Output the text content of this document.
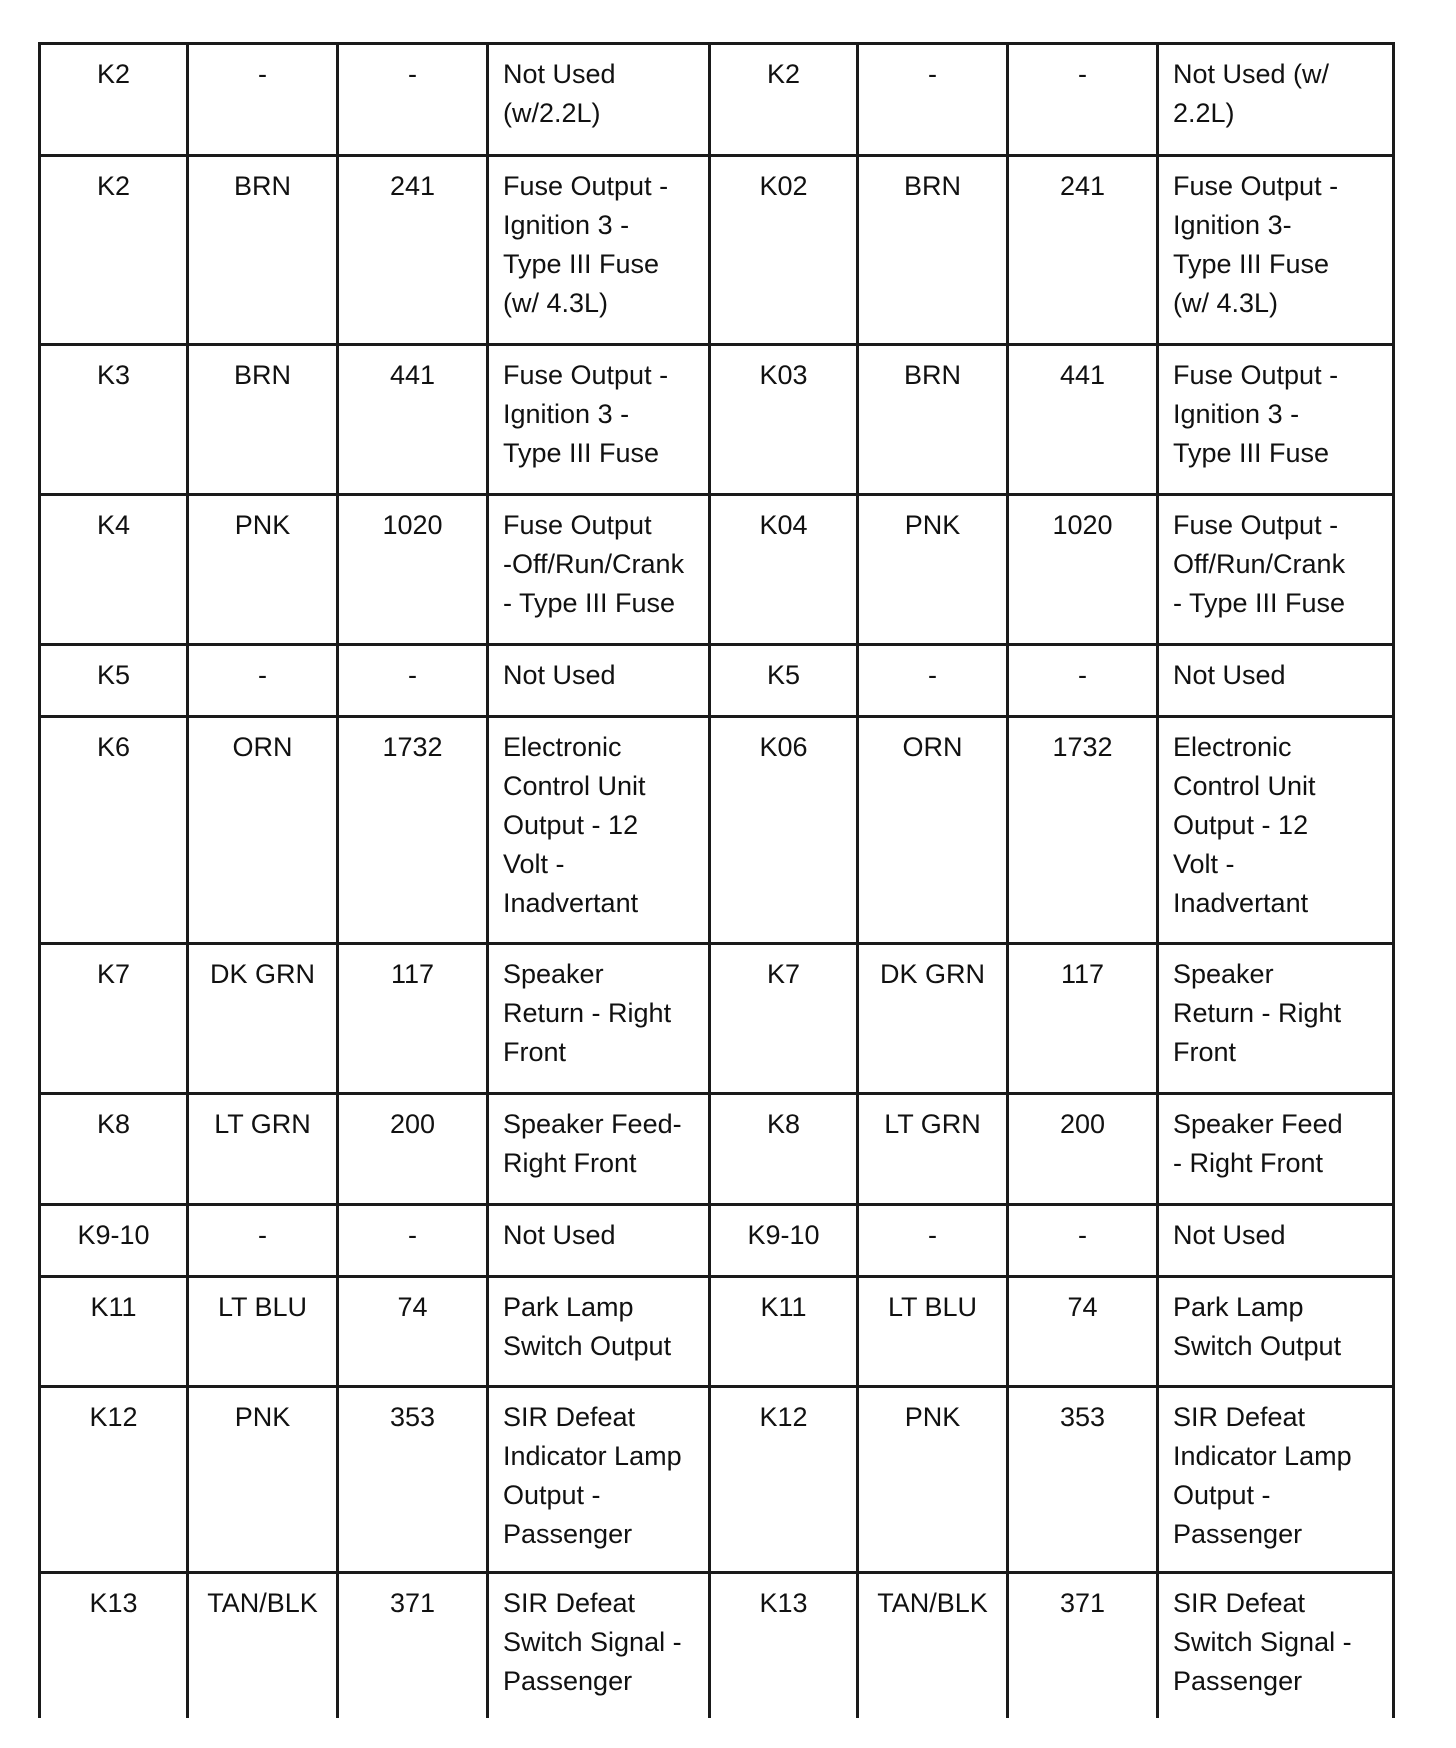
K2	-	-	Not Used
(w/2.2L)	K2	-	-	Not Used (w/
2.2L)

K2	BRN	241	Fuse Output -
Ignition 3 -
Type III Fuse
(w/ 4.3L)	K02	BRN	241	Fuse Output -
Ignition 3-
Type III Fuse
(w/ 4.3L)

K3	BRN	441	Fuse Output -
Ignition 3 -
Type III Fuse	K03	BRN	441	Fuse Output -
Ignition 3 -
Type III Fuse

K4	PNK	1020	Fuse Output
-Off/Run/Crank
- Type III Fuse	K04	PNK	1020	Fuse Output -
Off/Run/Crank
- Type III Fuse

K5	-	-	Not Used	K5	-	-	Not Used

K6	ORN	1732	Electronic
Control Unit
Output - 12
Volt -
Inadvertant	K06	ORN	1732	Electronic
Control Unit
Output - 12
Volt -
Inadvertant

K7	DK GRN	117	Speaker
Return - Right
Front	K7	DK GRN	117	Speaker
Return - Right
Front

K8	LT GRN	200	Speaker Feed-
Right Front	K8	LT GRN	200	Speaker Feed
- Right Front

K9-10	-	-	Not Used	K9-10	-	-	Not Used

K11	LT BLU	74	Park Lamp
Switch Output	K11	LT BLU	74	Park Lamp
Switch Output

K12	PNK	353	SIR Defeat
Indicator Lamp
Output -
Passenger	K12	PNK	353	SIR Defeat
Indicator Lamp
Output -
Passenger

K13	TAN/BLK	371	SIR Defeat
Switch Signal -
Passenger	K13	TAN/BLK	371	SIR Defeat
Switch Signal -
Passenger
